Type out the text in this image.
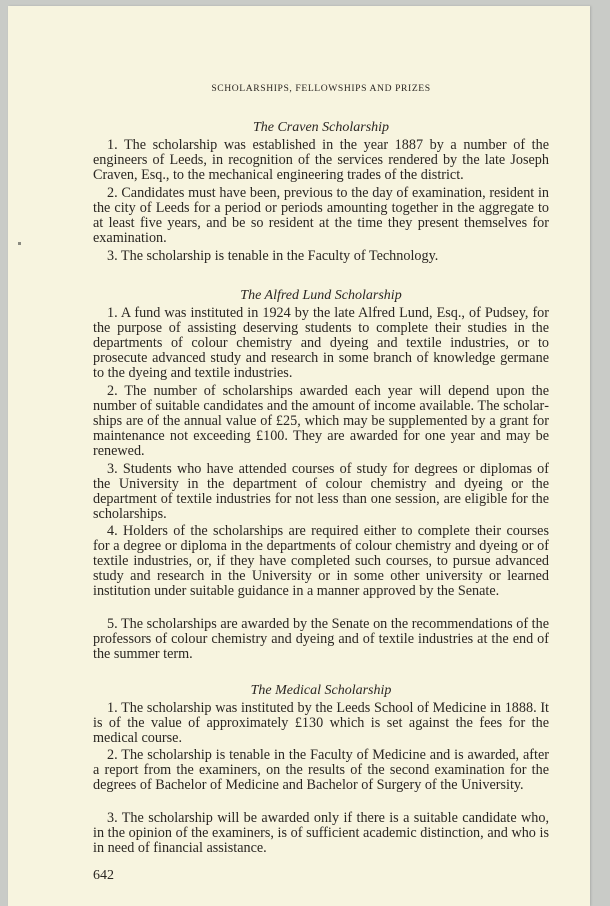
SCHOLARSHIPS, FELLOWSHIPS AND PRIZES
The Craven Scholarship
1. The scholarship was established in the year 1887 by a number of the engineers of Leeds, in recognition of the services rendered by the late Joseph Craven, Esq., to the mechanical engineering trades of the district.
2. Candidates must have been, previous to the day of examination, resident in the city of Leeds for a period or periods amounting together in the aggregate to at least five years, and be so resident at the time they present themselves for examination.
3. The scholarship is tenable in the Faculty of Technology.
The Alfred Lund Scholarship
1. A fund was instituted in 1924 by the late Alfred Lund, Esq., of Pudsey, for the purpose of assisting deserving students to complete their studies in the departments of colour chemistry and dyeing and textile industries, or to prosecute advanced study and research in some branch of knowledge germane to the dyeing and textile industries.
2. The number of scholarships awarded each year will depend upon the number of suitable candidates and the amount of income available. The scholarships are of the annual value of £25, which may be supplemented by a grant for maintenance not exceeding £100. They are awarded for one year and may be renewed.
3. Students who have attended courses of study for degrees or diplomas of the University in the department of colour chemistry and dyeing or the department of textile industries for not less than one session, are eligible for the scholarships.
4. Holders of the scholarships are required either to complete their courses for a degree or diploma in the departments of colour chemistry and dyeing or of textile industries, or, if they have completed such courses, to pursue advanced study and research in the University or in some other university or learned institution under suitable guidance in a manner approved by the Senate.
5. The scholarships are awarded by the Senate on the recommendations of the professors of colour chemistry and dyeing and of textile industries at the end of the summer term.
The Medical Scholarship
1. The scholarship was instituted by the Leeds School of Medicine in 1888. It is of the value of approximately £130 which is set against the fees for the medical course.
2. The scholarship is tenable in the Faculty of Medicine and is awarded, after a report from the examiners, on the results of the second examination for the degrees of Bachelor of Medicine and Bachelor of Surgery of the University.
3. The scholarship will be awarded only if there is a suitable candidate who, in the opinion of the examiners, is of sufficient academic distinction, and who is in need of financial assistance.
642
